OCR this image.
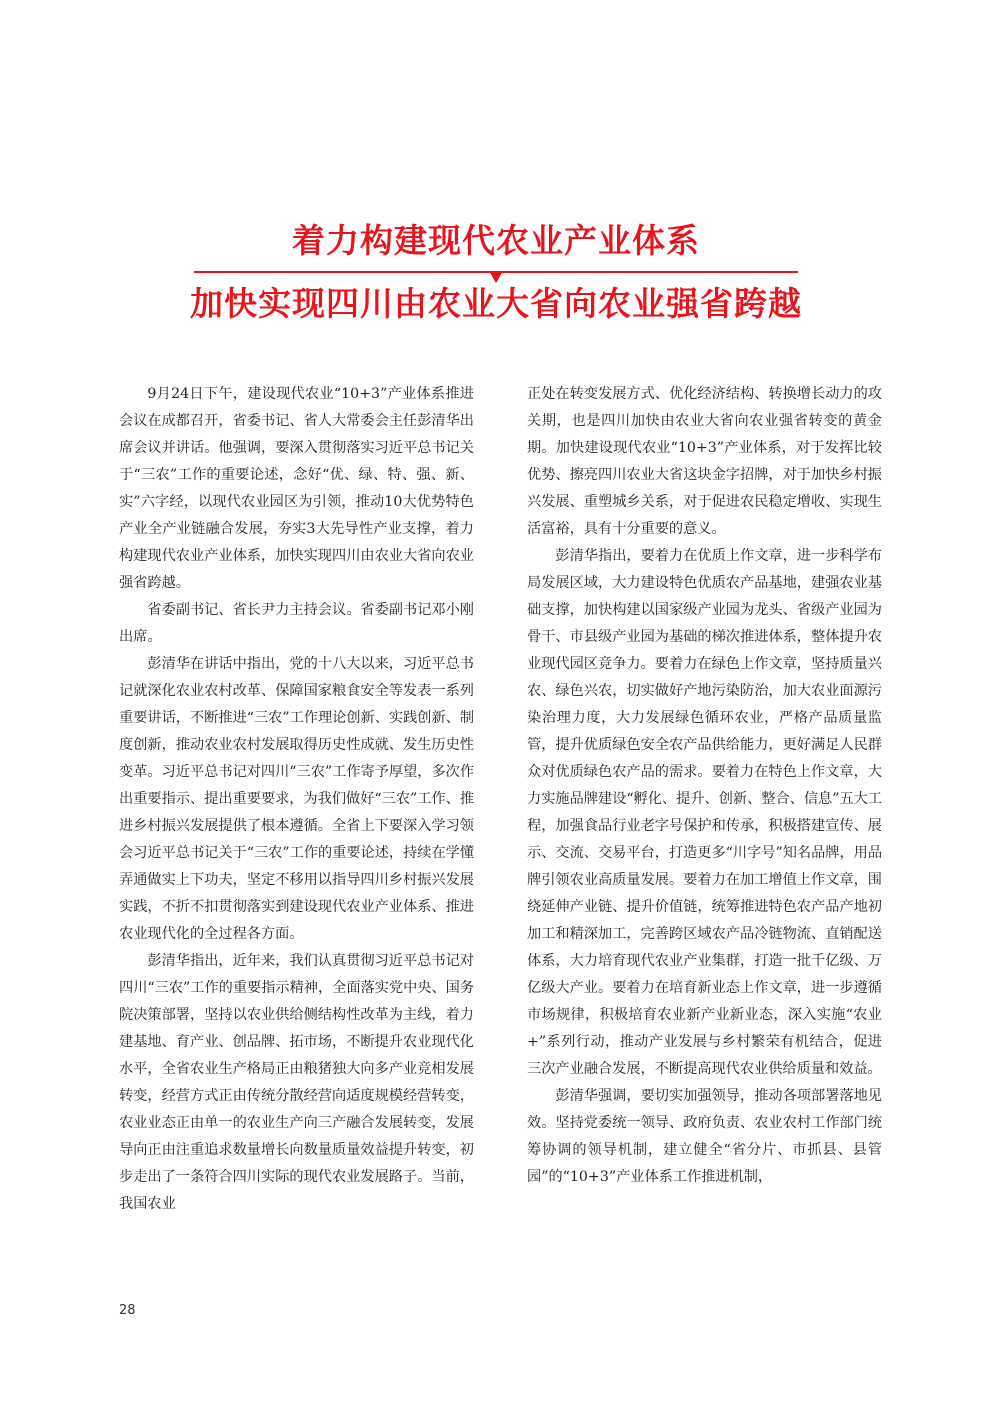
着力构建现代农业产业体系
加快实现四川由农业大省向农业强省跨越

9月24日下午，建设现代农业“10+3”产业体系推进会议在成都召开，省委书记、省人大常委会主任彭清华出席会议并讲话。他强调，要深入贯彻落实习近平总书记关于“三农”工作的重要论述，念好“优、绿、特、强、新、实”六字经，以现代农业园区为引领，推动10大优势特色产业全产业链融合发展，夯实3大先导性产业支撑，着力构建现代农业产业体系，加快实现四川由农业大省向农业强省跨越。

省委副书记、省长尹力主持会议。省委副书记邓小刚出席。

彭清华在讲话中指出，党的十八大以来，习近平总书记就深化农业农村改革、保障国家粮食安全等发表一系列重要讲话，不断推进“三农”工作理论创新、实践创新、制度创新，推动农业农村发展取得历史性成就、发生历史性变革。习近平总书记对四川“三农”工作寄予厚望，多次作出重要指示、提出重要要求，为我们做好“三农”工作、推进乡村振兴发展提供了根本遵循。全省上下要深入学习领会习近平总书记关于“三农”工作的重要论述，持续在学懂弄通做实上下功夫，坚定不移用以指导四川乡村振兴发展实践，不折不扣贯彻落实到建设现代农业产业体系、推进农业现代化的全过程各方面。

彭清华指出，近年来，我们认真贯彻习近平总书记对四川“三农”工作的重要指示精神，全面落实党中央、国务院决策部署，坚持以农业供给侧结构性改革为主线，着力建基地、育产业、创品牌、拓市场，不断提升农业现代化水平，全省农业生产格局正由粮猪独大向多产业竞相发展转变，经营方式正由传统分散经营向适度规模经营转变，农业业态正由单一的农业生产向三产融合发展转变，发展导向正由注重追求数量增长向数量质量效益提升转变，初步走出了一条符合四川实际的现代农业发展路子。当前，我国农业

正处在转变发展方式、优化经济结构、转换增长动力的攻关期，也是四川加快由农业大省向农业强省转变的黄金期。加快建设现代农业“10+3”产业体系，对于发挥比较优势、擦亮四川农业大省这块金字招牌，对于加快乡村振兴发展、重塑城乡关系，对于促进农民稳定增收、实现生活富裕，具有十分重要的意义。

彭清华指出，要着力在优质上作文章，进一步科学布局发展区域，大力建设特色优质农产品基地，建强农业基础支撑，加快构建以国家级产业园为龙头、省级产业园为骨干、市县级产业园为基础的梯次推进体系，整体提升农业现代园区竞争力。要着力在绿色上作文章，坚持质量兴农、绿色兴农，切实做好产地污染防治，加大农业面源污染治理力度，大力发展绿色循环农业，严格产品质量监管，提升优质绿色安全农产品供给能力，更好满足人民群众对优质绿色农产品的需求。要着力在特色上作文章，大力实施品牌建设“孵化、提升、创新、整合、信息”五大工程，加强食品行业老字号保护和传承，积极搭建宣传、展示、交流、交易平台，打造更多“川字号”知名品牌，用品牌引领农业高质量发展。要着力在加工增值上作文章，围绕延伸产业链、提升价值链，统筹推进特色农产品产地初加工和精深加工，完善跨区域农产品冷链物流、直销配送体系，大力培育现代农业产业集群，打造一批千亿级、万亿级大产业。要着力在培育新业态上作文章，进一步遵循市场规律，积极培育农业新产业新业态，深入实施“农业+”系列行动，推动产业发展与乡村繁荣有机结合，促进三次产业融合发展，不断提高现代农业供给质量和效益。

彭清华强调，要切实加强领导，推动各项部署落地见效。坚持党委统一领导、政府负责、农业农村工作部门统筹协调的领导机制，建立健全“省分片、市抓县、县管园”的“10+3”产业体系工作推进机制，

28
